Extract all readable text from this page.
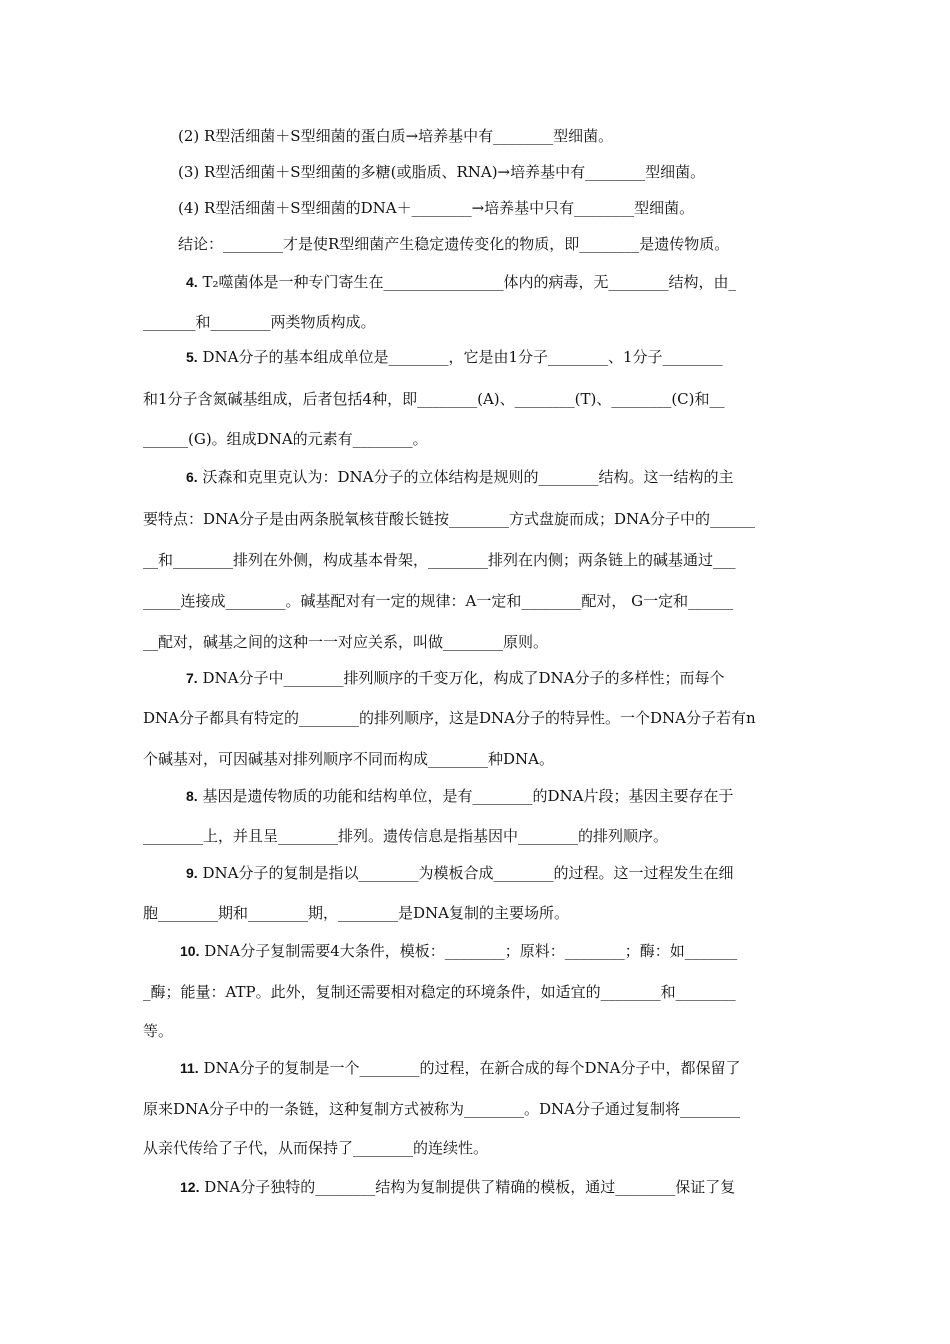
(2) R型活细菌＋S型细菌的蛋白质→培养基中有________型细菌。
(3) R型活细菌＋S型细菌的多糖(或脂质、RNA)→培养基中有________型细菌。
(4) R型活细菌＋S型细菌的DNA＋________→培养基中只有________型细菌。
结论：________才是使R型细菌产生稳定遗传变化的物质，即________是遗传物质。
4. T₂噬菌体是一种专门寄生在________________体内的病毒，无________结构，由_
_______和________两类物质构成。
5. DNA分子的基本组成单位是________，它是由1分子________、1分子________
和1分子含氮碱基组成，后者包括4种，即________(A)、________(T)、________(C)和__
______(G)。组成DNA的元素有________。
6. 沃森和克里克认为：DNA分子的立体结构是规则的________结构。这一结构的主
要特点：DNA分子是由两条脱氧核苷酸长链按________方式盘旋而成；DNA分子中的______
__和________排列在外侧，构成基本骨架，________排列在内侧；两条链上的碱基通过___
_____连接成________。碱基配对有一定的规律：A一定和________配对， G一定和______
__配对，碱基之间的这种一一对应关系，叫做________原则。
7. DNA分子中________排列顺序的千变万化，构成了DNA分子的多样性；而每个
DNA分子都具有特定的________的排列顺序，这是DNA分子的特异性。一个DNA分子若有n
个碱基对，可因碱基对排列顺序不同而构成________种DNA。
8. 基因是遗传物质的功能和结构单位，是有________的DNA片段；基因主要存在于
________上，并且呈________排列。遗传信息是指基因中________的排列顺序。
9. DNA分子的复制是指以________为模板合成________的过程。这一过程发生在细
胞________期和________期，________是DNA复制的主要场所。
10. DNA分子复制需要4大条件，模板：________；原料：________；酶：如_______
_酶；能量：ATP。此外，复制还需要相对稳定的环境条件，如适宜的________和________
等。
11. DNA分子的复制是一个________的过程，在新合成的每个DNA分子中，都保留了
原来DNA分子中的一条链，这种复制方式被称为________。DNA分子通过复制将________
从亲代传给了子代，从而保持了________的连续性。
12. DNA分子独特的________结构为复制提供了精确的模板，通过________保证了复
